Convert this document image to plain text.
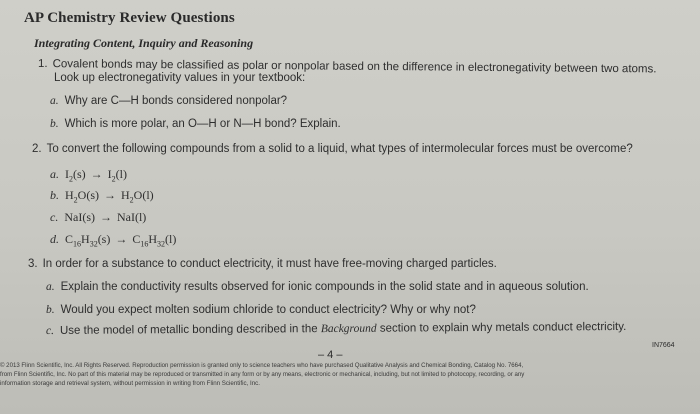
AP Chemistry Review Questions
Integrating Content, Inquiry and Reasoning
1. Covalent bonds may be classified as polar or nonpolar based on the difference in electronegativity between two atoms.
Look up electronegativity values in your textbook:
a. Why are C—H bonds considered nonpolar?
b. Which is more polar, an O—H or N—H bond? Explain.
2. To convert the following compounds from a solid to a liquid, what types of intermolecular forces must be overcome?
a. $I_2(s) \to I_2(l)$
b. $H_2O(s) \to H_2O(l)$
c. NaI(s) → NaI(l)
d. $C_{16}H_{32}(s) \to C_{16}H_{32}(l)$
3. In order for a substance to conduct electricity, it must have free-moving charged particles.
a. Explain the conductivity results observed for ionic compounds in the solid state and in aqueous solution.
b. Would you expect molten sodium chloride to conduct electricity? Why or why not?
c. Use the model of metallic bonding described in the Background section to explain why metals conduct electricity.
IN7664
– 4 –
© 2013 Flinn Scientific, Inc. All Rights Reserved. Reproduction permission is granted only to science teachers who have purchased Qualitative Analysis and Chemical Bonding, Catalog No. 7664,
from Flinn Scientific, Inc. No part of this material may be reproduced or transmitted in any form or by any means, electronic or mechanical, including, but not limited to photocopy, recording, or any
information storage and retrieval system, without permission in writing from Flinn Scientific, Inc.
